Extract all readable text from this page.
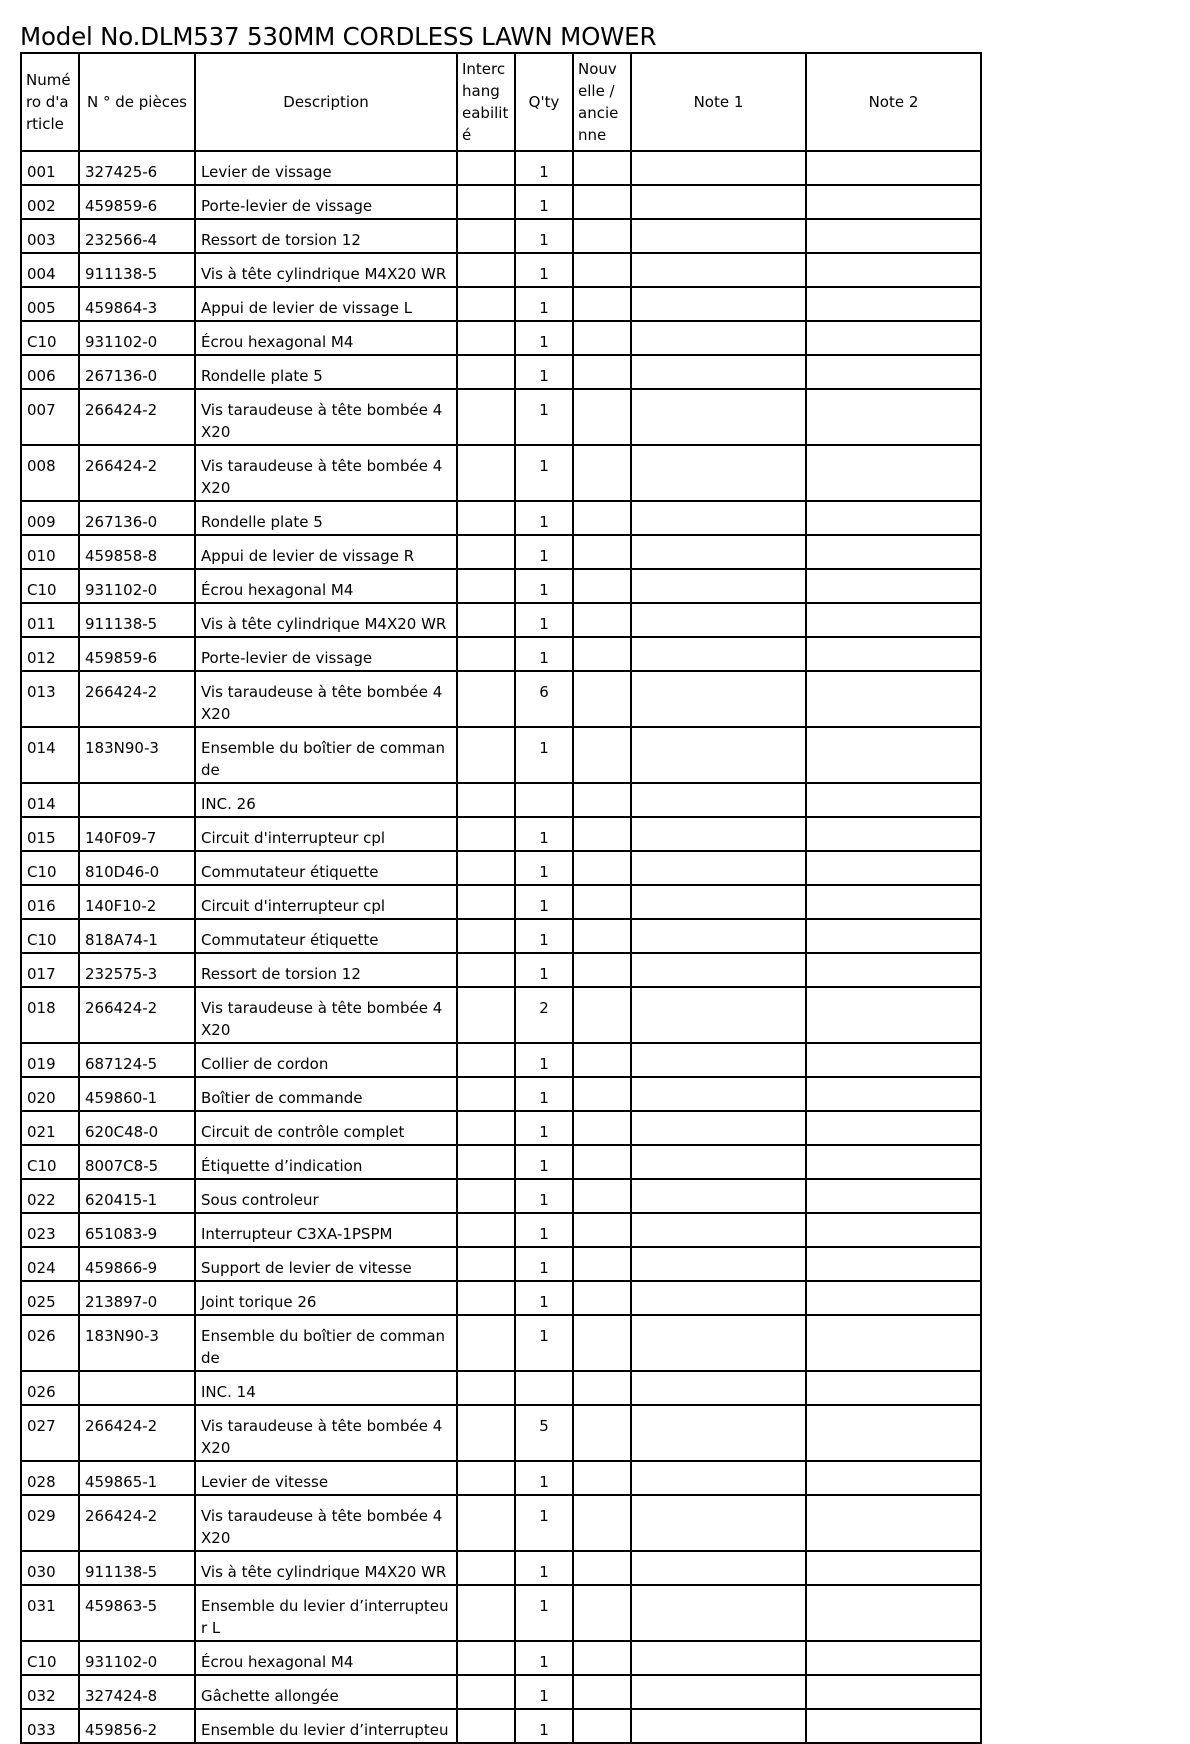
Model No.DLM537 530MM CORDLESS LAWN MOWER
Numé ro d'a rticle	N ° de pièces	Description	Interc hang eabilit é	Q'ty	Nouv elle / ancie nne	Note 1	Note 2
001	327425-6	Levier de vissage		1			
002	459859-6	Porte-levier de vissage		1			
003	232566-4	Ressort de torsion 12		1			
004	911138-5	Vis à tête cylindrique M4X20 WR		1			
005	459864-3	Appui de levier de vissage L		1			
C10	931102-0	Écrou hexagonal M4		1			
006	267136-0	Rondelle plate 5		1			
007	266424-2	Vis taraudeuse à tête bombée 4X20		1			
008	266424-2	Vis taraudeuse à tête bombée 4X20		1			
009	267136-0	Rondelle plate 5		1			
010	459858-8	Appui de levier de vissage R		1			
C10	931102-0	Écrou hexagonal M4		1			
011	911138-5	Vis à tête cylindrique M4X20 WR		1			
012	459859-6	Porte-levier de vissage		1			
013	266424-2	Vis taraudeuse à tête bombée 4X20		6			
014	183N90-3	Ensemble du boîtier de commande		1			
014		INC. 26					
015	140F09-7	Circuit d'interrupteur cpl		1			
C10	810D46-0	Commutateur étiquette		1			
016	140F10-2	Circuit d'interrupteur cpl		1			
C10	818A74-1	Commutateur étiquette		1			
017	232575-3	Ressort de torsion 12		1			
018	266424-2	Vis taraudeuse à tête bombée 4X20		2			
019	687124-5	Collier de cordon		1			
020	459860-1	Boîtier de commande		1			
021	620C48-0	Circuit de contrôle complet		1			
C10	8007C8-5	Étiquette d’indication		1			
022	620415-1	Sous controleur		1			
023	651083-9	Interrupteur C3XA-1PSPM		1			
024	459866-9	Support de levier de vitesse		1			
025	213897-0	Joint torique 26		1			
026	183N90-3	Ensemble du boîtier de commande		1			
026		INC. 14					
027	266424-2	Vis taraudeuse à tête bombée 4X20		5			
028	459865-1	Levier de vitesse		1			
029	266424-2	Vis taraudeuse à tête bombée 4X20		1			
030	911138-5	Vis à tête cylindrique M4X20 WR		1			
031	459863-5	Ensemble du levier d’interrupteur L		1			
C10	931102-0	Écrou hexagonal M4		1			
032	327424-8	Gâchette allongée		1			
033	459856-2	Ensemble du levier d’interrupteu		1			
